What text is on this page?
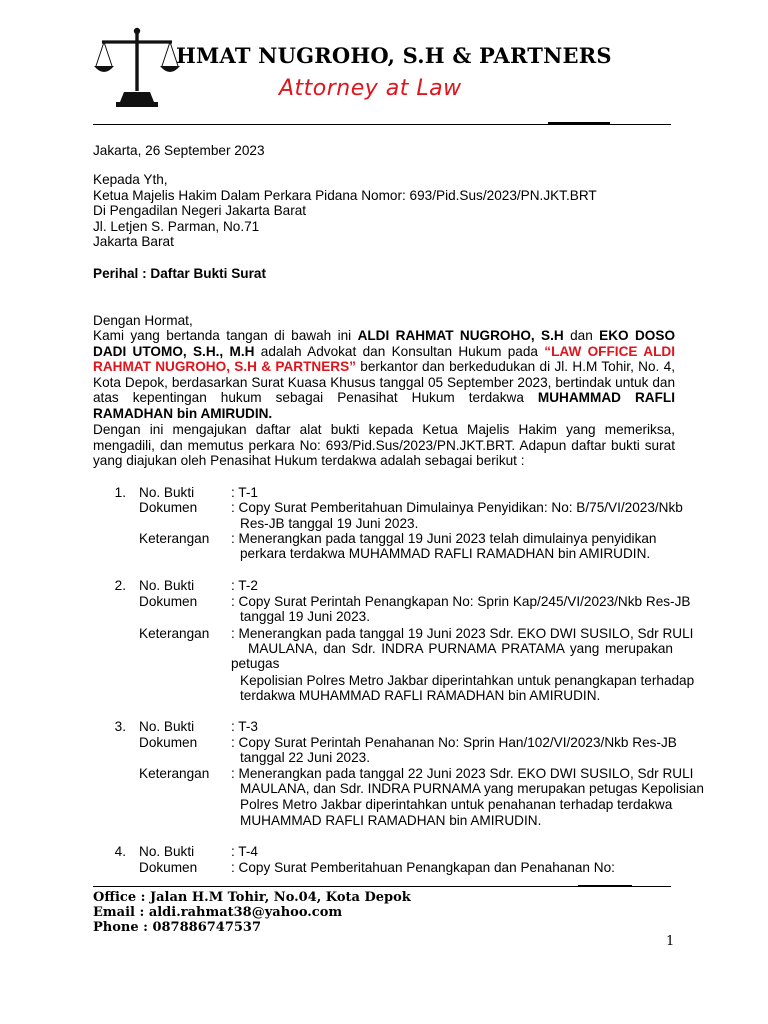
HMAT NUGROHO, S.H & PARTNERS
Attorney at Law
Jakarta, 26 September 2023
Kepada Yth,
Ketua Majelis Hakim Dalam Perkara Pidana Nomor: 693/Pid.Sus/2023/PN.JKT.BRT
Di Pengadilan Negeri Jakarta Barat
Jl. Letjen S. Parman, No.71
Jakarta Barat
Perihal : Daftar Bukti Surat
Dengan Hormat,
Kami yang bertanda tangan di bawah ini ALDI RAHMAT NUGROHO, S.H dan EKO DOSO DADI UTOMO, S.H., M.H adalah Advokat dan Konsultan Hukum pada “LAW OFFICE ALDI RAHMAT NUGROHO, S.H & PARTNERS” berkantor dan berkedudukan di Jl. H.M Tohir, No. 4, Kota Depok, berdasarkan Surat Kuasa Khusus tanggal 05 September 2023, bertindak untuk dan atas kepentingan hukum sebagai Penasihat Hukum terdakwa MUHAMMAD RAFLI RAMADHAN bin AMIRUDIN.
Dengan ini mengajukan daftar alat bukti kepada Ketua Majelis Hakim yang memeriksa, mengadili, dan memutus perkara No: 693/Pid.Sus/2023/PN.JKT.BRT. Adapun daftar bukti surat yang diajukan oleh Penasihat Hukum terdakwa adalah sebagai berikut :
1. No. Bukti	: T-1
Dokumen : Copy Surat Pemberitahuan Dimulainya Penyidikan: No: B/75/VI/2023/Nkb
Res-JB tanggal 19 Juni 2023.
Keterangan : Menerangkan pada tanggal 19 Juni 2023 telah dimulainya penyidikan
perkara terdakwa MUHAMMAD RAFLI RAMADHAN bin AMIRUDIN.
2. No. Bukti	: T-2
Dokumen : Copy Surat Perintah Penangkapan No: Sprin Kap/245/VI/2023/Nkb Res-JB
tanggal 19 Juni 2023.
Keterangan : Menerangkan pada tanggal 19 Juni 2023 Sdr. EKO DWI SUSILO, Sdr RULI
MAULANA, dan Sdr. INDRA PURNAMA PRATAMA yang merupakan
petugas
Kepolisian Polres Metro Jakbar diperintahkan untuk penangkapan terhadap
terdakwa MUHAMMAD RAFLI RAMADHAN bin AMIRUDIN.
3. No. Bukti	: T-3
Dokumen : Copy Surat Perintah Penahanan No: Sprin Han/102/VI/2023/Nkb Res-JB
tanggal 22 Juni 2023.
Keterangan : Menerangkan pada tanggal 22 Juni 2023 Sdr. EKO DWI SUSILO, Sdr RULI
MAULANA, dan Sdr. INDRA PURNAMA yang merupakan petugas Kepolisian
Polres Metro Jakbar diperintahkan untuk penahanan terhadap terdakwa
MUHAMMAD RAFLI RAMADHAN bin AMIRUDIN.
4. No. Bukti	: T-4
Dokumen : Copy Surat Pemberitahuan Penangkapan dan Penahanan No:
Office : Jalan H.M Tohir, No.04, Kota Depok
Email : aldi.rahmat38@yahoo.com
Phone : 087886747537
1
